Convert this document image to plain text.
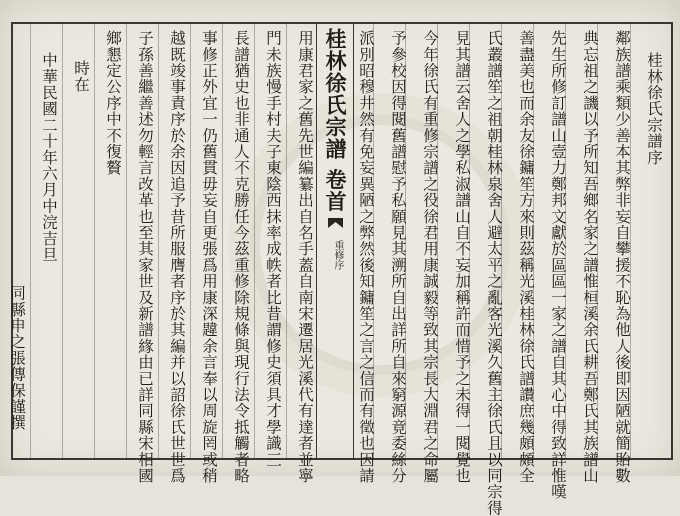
桂林徐氏宗譜序
鄰族譜乘類少善本其弊非妄自攀援不恥為他人後即因陋就簡貽數
典忘祖之譏以予所知吾鄉名家之譜惟桓溪余氏耕吾鄭氏其族譜山
先生所修訂譜山壹力鄭邦文獻於區區一家之譜自其心中得致詳惟嘆
善盡美也而余友徐鏞笙方來則茲稱光溪桂林徐氏譜讚庶幾頗頗全
氏叢譜笙之祖朝桂林泉舍人避太平之亂客光溪久舊主徐氏且以同宗得
見其譜云舍人之學私淑譜山自不妄加稱許而惜予之未得一閱覺也
今年徐氏有重修宗譜之役徐君用康誠毅等致其宗長大淵君之命屬
予參校因得閱舊譜慰予私願見其溯所自出詳所自來窮源竟委絲分
派別昭穆井然有免妄異陋之弊然後知鏞笙之言之信而有徵也因請
桂林徐氏宗譜 卷首
重修序
用康君家之舊先世編纂出自名手蓋自南宋遷居光溪代有達者並寧
門未族慢手村夫子東陰西抹率成帙者比昔謂修史須具才學識三
長譜猶史也非通人不克勝任今茲重修除規條與現行法令抵觸者略
事修正外宜一仍舊貫毋妄自更張爲用康深韙余言奉以周旋罔或稍
越既竣事責序於余因追予昔所服膺者序於其編并以詔徐氏世世爲
子孫善繼善述勿輕言改革也至其家世及新譜緣由已詳同縣宋相國
鄉懇定公序中不復贅
時在
中華民國二十年六月中浣吉旦
同縣申之張傳保謹撰
